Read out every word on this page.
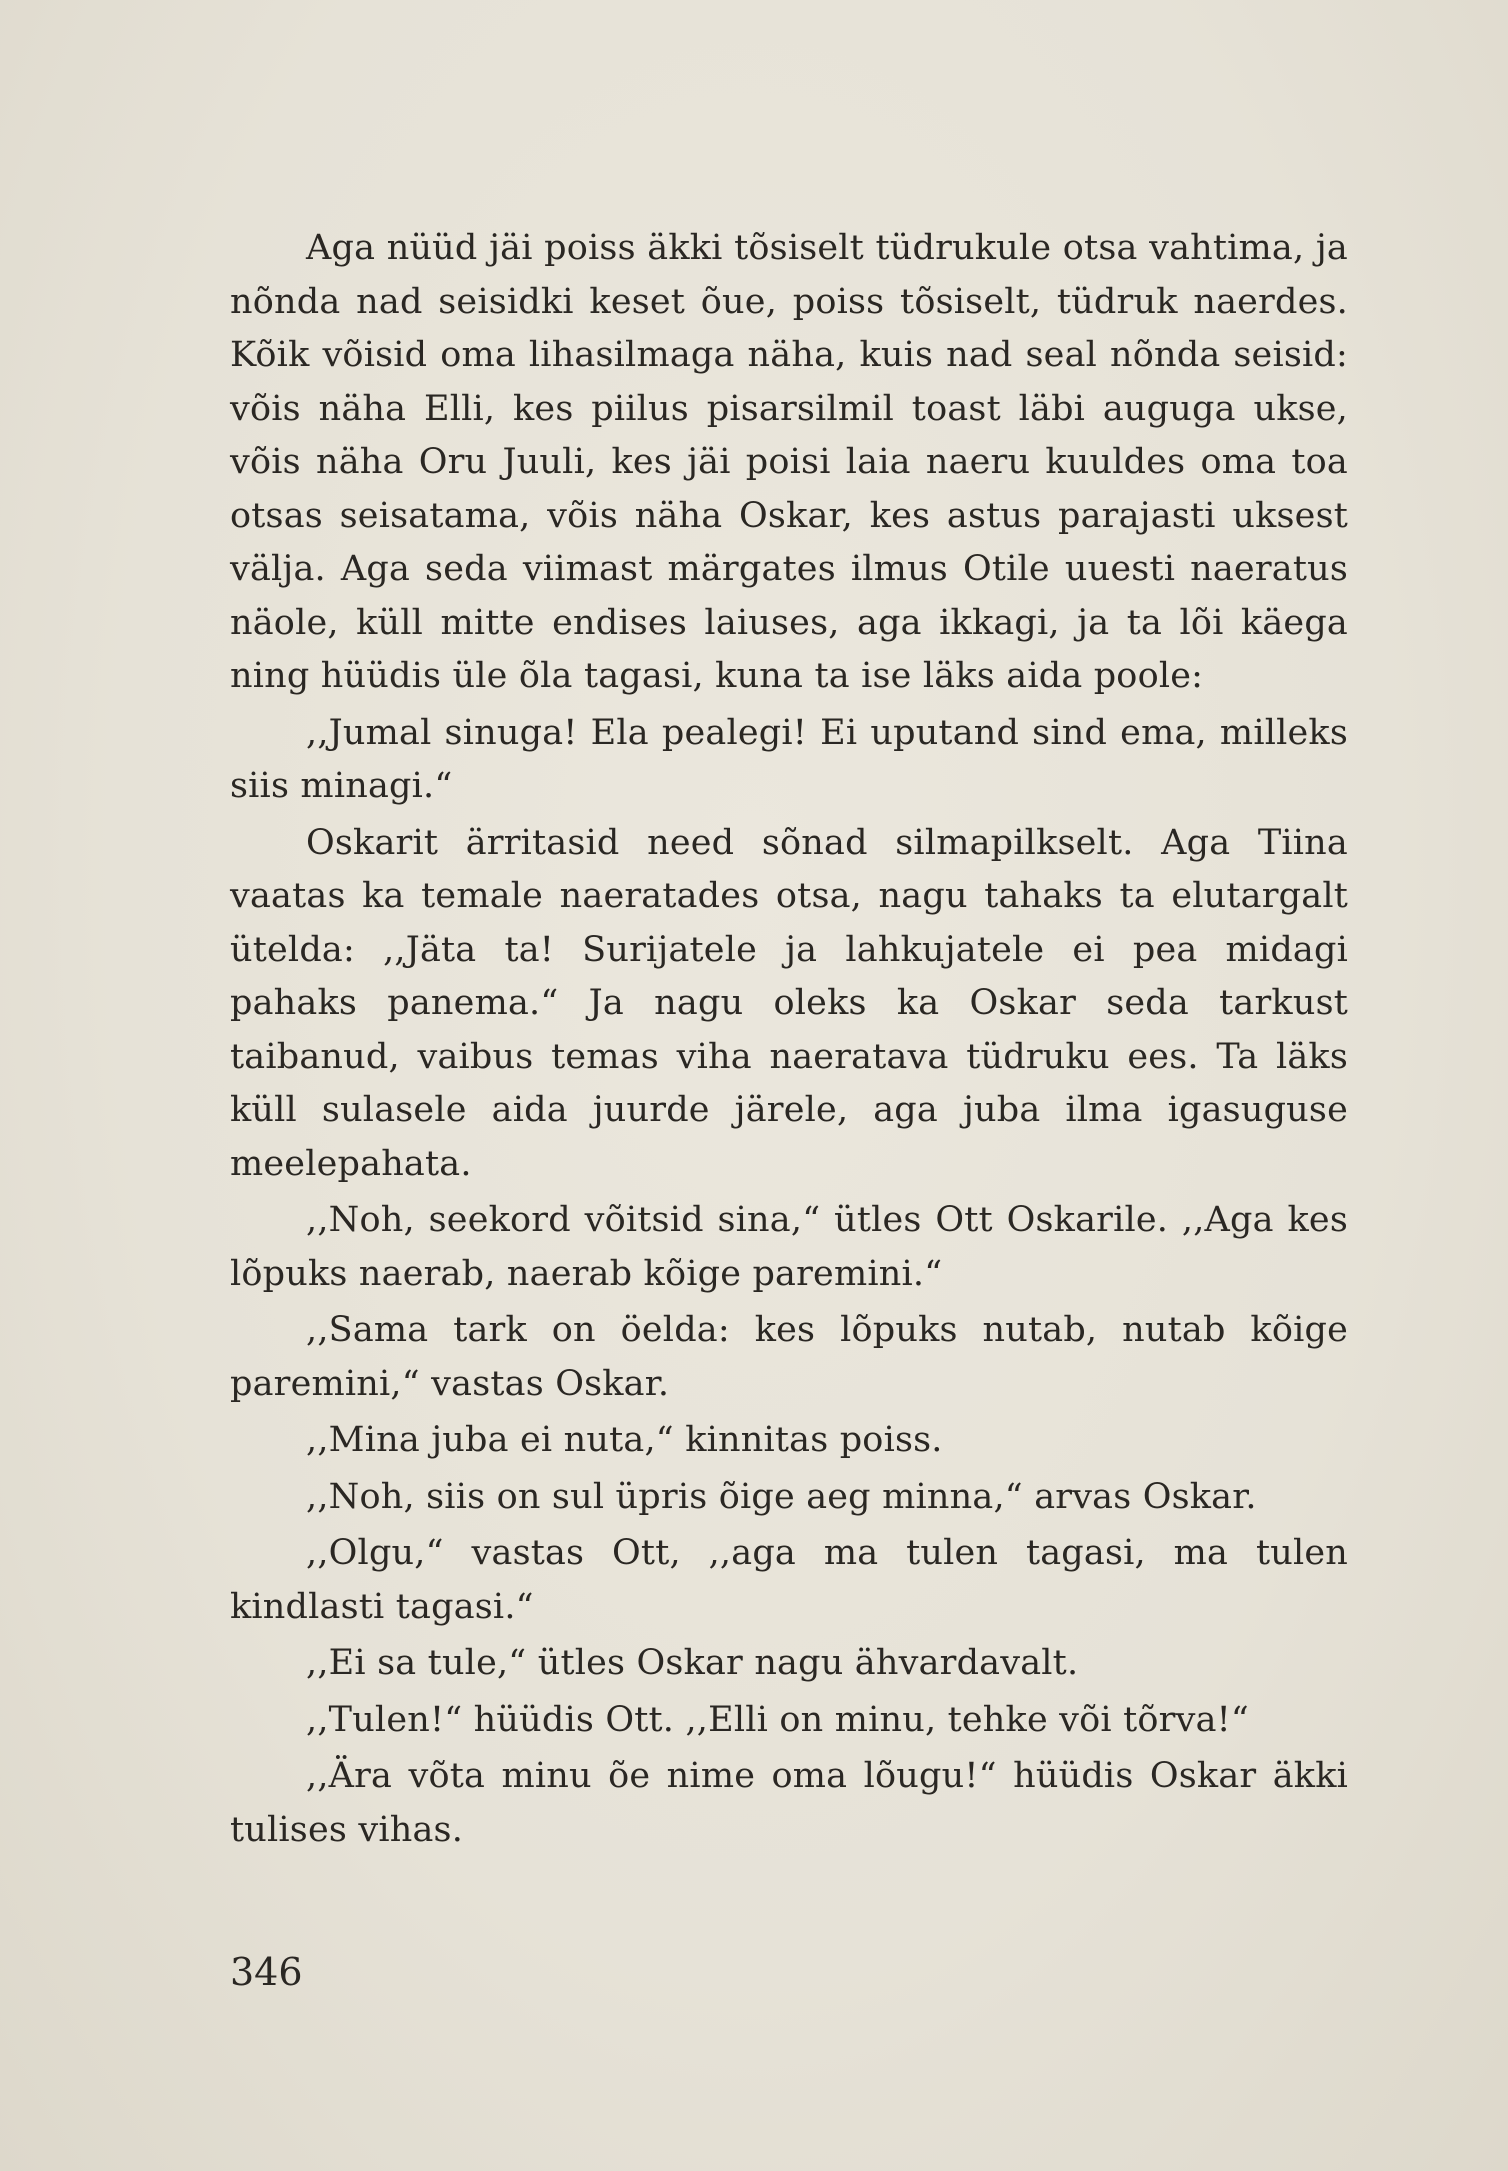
Aga nüüd jäi poiss äkki tõsiselt tüdrukule otsa vahtima, ja nõnda nad seisidki keset õue, poiss tõsiselt, tüdruk naerdes. Kõik võisid oma lihasilmaga näha, kuis nad seal nõnda seisid: võis näha Elli, kes piilus pisarsilmil toast läbi auguga ukse, võis näha Oru Juuli, kes jäi poisi laia naeru kuuldes oma toa otsas seisatama, võis näha Oskar, kes astus parajasti uksest välja. Aga seda viimast märgates ilmus Otile uuesti naeratus näole, küll mitte endises laiuses, aga ikkagi, ja ta lõi käega ning hüüdis üle õla tagasi, kuna ta ise läks aida poole:

,,Jumal sinuga! Ela pealegi! Ei uputand sind ema, milleks siis minagi.“

Oskarit ärritasid need sõnad silmapilkselt. Aga Tiina vaatas ka temale naeratades otsa, nagu tahaks ta elutargalt ütelda: ,,Jäta ta! Surijatele ja lahkujatele ei pea midagi pahaks panema.“ Ja nagu oleks ka Oskar seda tarkust taibanud, vaibus temas viha naeratava tüdruku ees. Ta läks küll sulasele aida juurde järele, aga juba ilma igasuguse meelepahata.

,,Noh, seekord võitsid sina,“ ütles Ott Oskarile. ,,Aga kes lõpuks naerab, naerab kõige paremini.“

,,Sama tark on öelda: kes lõpuks nutab, nutab kõige paremini,“ vastas Oskar.

,,Mina juba ei nuta,“ kinnitas poiss.

,,Noh, siis on sul üpris õige aeg minna,“ arvas Oskar.

,,Olgu,“ vastas Ott, ,,aga ma tulen tagasi, ma tulen kindlasti tagasi.“

,,Ei sa tule,“ ütles Oskar nagu ähvardavalt.

,,Tulen!“ hüüdis Ott. ,,Elli on minu, tehke või tõrva!“

,,Ära võta minu õe nime oma lõugu!“ hüüdis Oskar äkki tulises vihas.

346
